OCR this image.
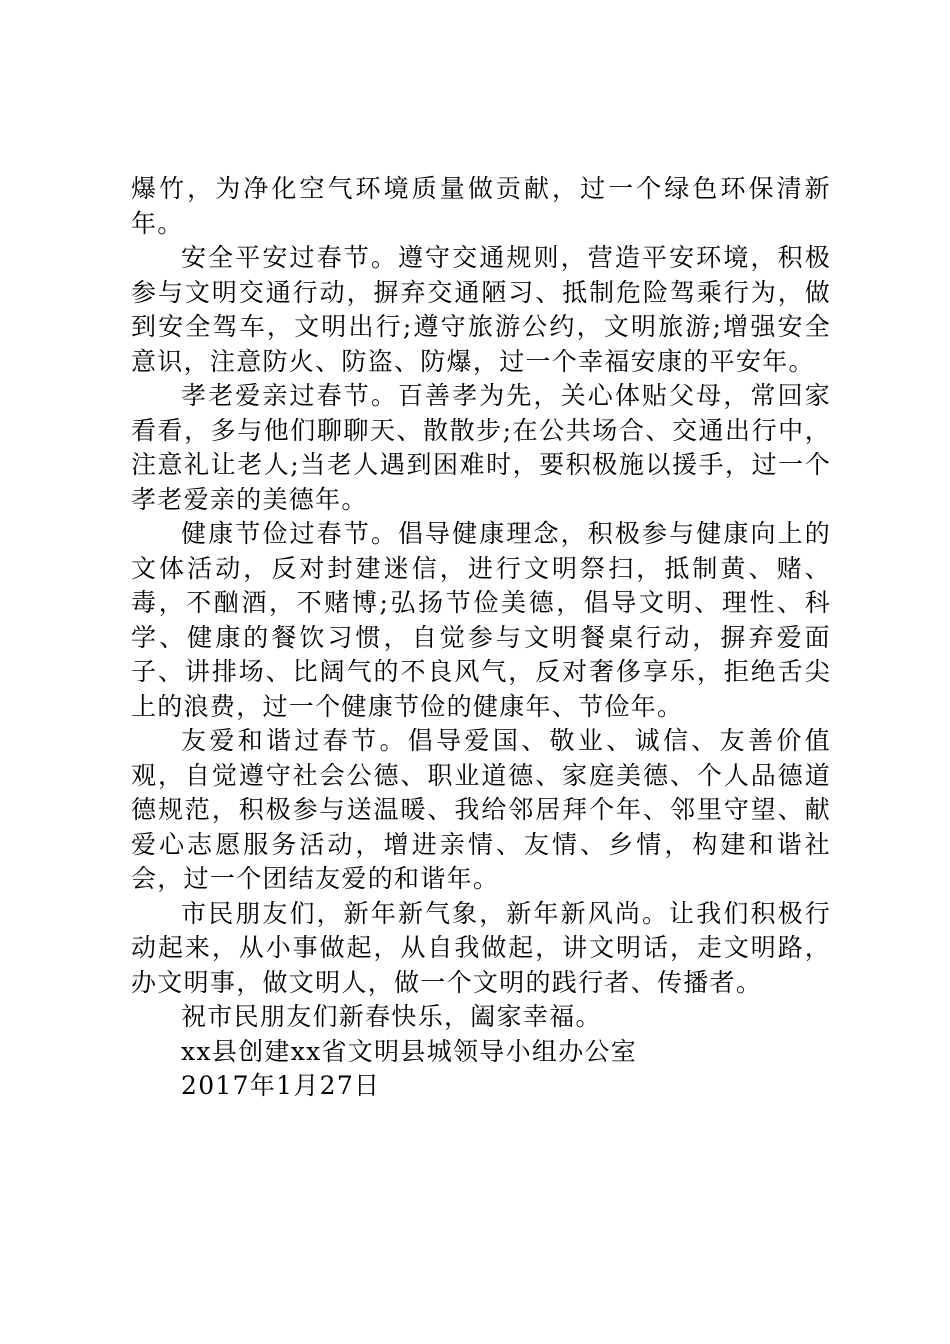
爆竹，为净化空气环境质量做贡献，过一个绿色环保清新年。

安全平安过春节。遵守交通规则，营造平安环境，积极参与文明交通行动，摒弃交通陋习、抵制危险驾乘行为，做到安全驾车，文明出行;遵守旅游公约，文明旅游;增强安全意识，注意防火、防盗、防爆，过一个幸福安康的平安年。

孝老爱亲过春节。百善孝为先，关心体贴父母，常回家看看，多与他们聊聊天、散散步;在公共场合、交通出行中，注意礼让老人;当老人遇到困难时，要积极施以援手，过一个孝老爱亲的美德年。

健康节俭过春节。倡导健康理念，积极参与健康向上的文体活动，反对封建迷信，进行文明祭扫，抵制黄、赌、毒，不酗酒，不赌博;弘扬节俭美德，倡导文明、理性、科学、健康的餐饮习惯，自觉参与文明餐桌行动，摒弃爱面子、讲排场、比阔气的不良风气，反对奢侈享乐，拒绝舌尖上的浪费，过一个健康节俭的健康年、节俭年。

友爱和谐过春节。倡导爱国、敬业、诚信、友善价值观，自觉遵守社会公德、职业道德、家庭美德、个人品德道德规范，积极参与送温暖、我给邻居拜个年、邻里守望、献爱心志愿服务活动，增进亲情、友情、乡情，构建和谐社会，过一个团结友爱的和谐年。

市民朋友们，新年新气象，新年新风尚。让我们积极行动起来，从小事做起，从自我做起，讲文明话，走文明路，办文明事，做文明人，做一个文明的践行者、传播者。

祝市民朋友们新春快乐，阖家幸福。

xx县创建xx省文明县城领导小组办公室

2017年1月27日
